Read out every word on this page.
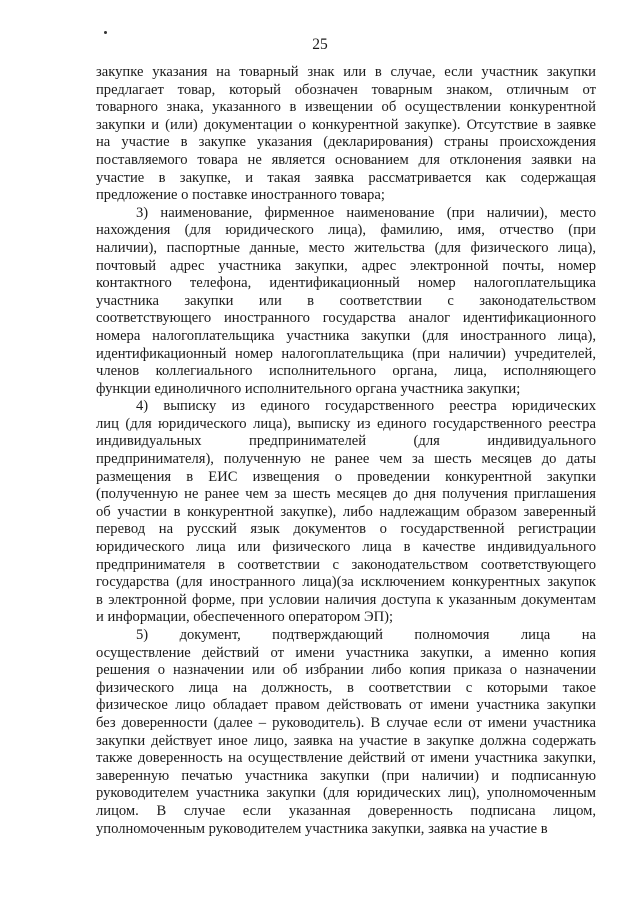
25
закупке указания на товарный знак или в случае, если участник закупки
предлагает товар, который обозначен товарным знаком, отличным от
товарного знака, указанного в извещении об осуществлении конкурентной
закупки и (или) документации о конкурентной закупке). Отсутствие в заявке
на участие в закупке указания (декларирования) страны происхождения
поставляемого товара не является основанием для отклонения заявки на
участие в закупке, и такая заявка рассматривается как содержащая
предложение о поставке иностранного товара;
3) наименование, фирменное наименование (при наличии), место
нахождения (для юридического лица), фамилию, имя, отчество (при
наличии), паспортные данные, место жительства (для физического лица),
почтовый адрес участника закупки, адрес электронной почты, номер
контактного телефона, идентификационный номер налогоплательщика
участника закупки или в соответствии с законодательством
соответствующего иностранного государства аналог идентификационного
номера налогоплательщика участника закупки (для иностранного лица),
идентификационный номер налогоплательщика (при наличии) учредителей,
членов коллегиального исполнительного органа, лица, исполняющего
функции единоличного исполнительного органа участника закупки;
4) выписку из единого государственного реестра юридических
лиц (для юридического лица), выписку из единого государственного реестра
индивидуальных предпринимателей (для индивидуального
предпринимателя), полученную не ранее чем за шесть месяцев до даты
размещения в ЕИС извещения о проведении конкурентной закупки
(полученную не ранее чем за шесть месяцев до дня получения приглашения
об участии в конкурентной закупке), либо надлежащим образом заверенный
перевод на русский язык документов о государственной регистрации
юридического лица или физического лица в качестве индивидуального
предпринимателя в соответствии с законодательством соответствующего
государства (для иностранного лица)(за исключением конкурентных закупок
в электронной форме, при условии наличия доступа к указанным документам
и информации, обеспеченного оператором ЭП);
5) документ, подтверждающий полномочия лица на
осуществление действий от имени участника закупки, а именно копия
решения о назначении или об избрании либо копия приказа о назначении
физического лица на должность, в соответствии с которыми такое
физическое лицо обладает правом действовать от имени участника закупки
без доверенности (далее – руководитель). В случае если от имени участника
закупки действует иное лицо, заявка на участие в закупке должна содержать
также доверенность на осуществление действий от имени участника закупки,
заверенную печатью участника закупки (при наличии) и подписанную
руководителем участника закупки (для юридических лиц), уполномоченным
лицом. В случае если указанная доверенность подписана лицом,
уполномоченным руководителем участника закупки, заявка на участие в
